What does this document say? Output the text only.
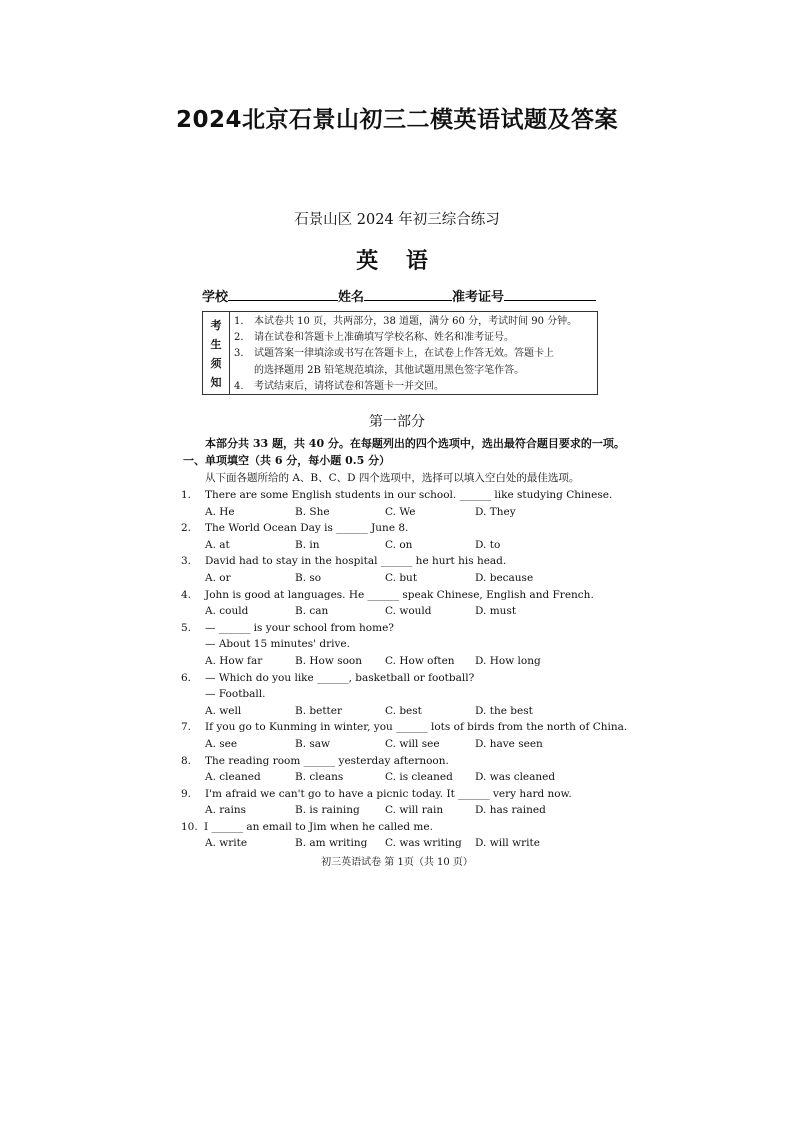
2024北京石景山初三二模英语试题及答案
石景山区 2024 年初三综合练习
英 语
学校	姓名	准考证号
考
生
须
知
1.	本试卷共 10 页，共两部分，38 道题，满分 60 分，考试时间 90 分钟。
2.	请在试卷和答题卡上准确填写学校名称、姓名和准考证号。
3.	试题答案一律填涂或书写在答题卡上，在试卷上作答无效。答题卡上
的选择题用 2B 铅笔规范填涂，其他试题用黑色签字笔作答。
4.	考试结束后，请将试卷和答题卡一并交回。
第一部分
本部分共 33 题，共 40 分。在每题列出的四个选项中，选出最符合题目要求的一项。
一、单项填空（共 6 分，每小题 0.5 分）
从下面各题所给的 A、B、C、D 四个选项中，选择可以填入空白处的最佳选项。
1. There are some English students in our school. ______ like studying Chinese.
A. He	B. She	C. We	D. They
2. The World Ocean Day is ______ June 8.
A. at	B. in	C. on	D. to
3. David had to stay in the hospital ______ he hurt his head.
A. or	B. so	C. but	D. because
4. John is good at languages. He ______ speak Chinese, English and French.
A. could	B. can	C. would	D. must
5. — ______ is your school from home?
— About 15 minutes' drive.
A. How far	B. How soon C. How often D. How long
6. — Which do you like ______, basketball or football?
— Football.
A. well	B. better	C. best	D. the best
7. If you go to Kunming in winter, you ______ lots of birds from the north of China.
A. see	B. saw	C. will see	D. have seen
8. The reading room ______ yesterday afternoon.
A. cleaned	B. cleans	C. is cleaned D. was cleaned
9. I'm afraid we can't go to have a picnic today. It ______ very hard now.
A. rains	B. is raining C. will rain	D. has rained
10. I ______ an email to Jim when he called me.
A. write	B. am writing C. was writing D. will write
初三英语试卷 第 1页（共 10 页）
